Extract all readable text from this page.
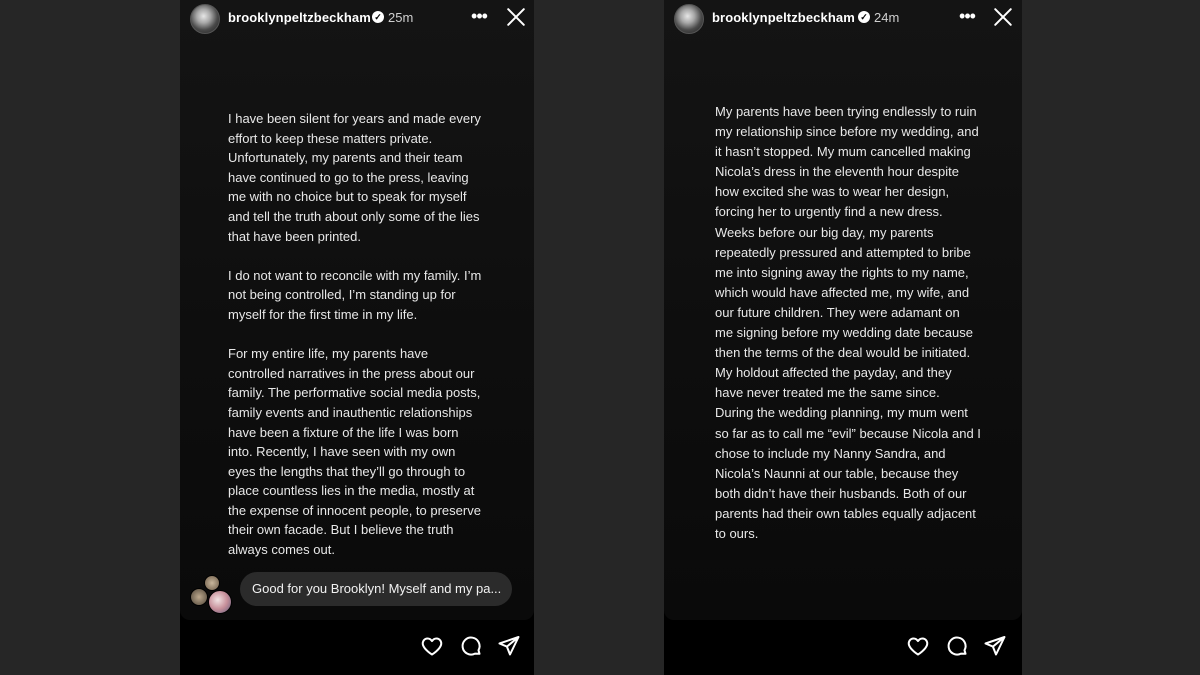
brooklynpeltzbeckham ✓ 25m	•••

I have been silent for years and made every effort to keep these matters private. Unfortunately, my parents and their team have continued to go to the press, leaving me with no choice but to speak for myself and tell the truth about only some of the lies that have been printed.

I do not want to reconcile with my family. I’m not being controlled, I’m standing up for myself for the first time in my life.

For my entire life, my parents have controlled narratives in the press about our family. The performative social media posts, family events and inauthentic relationships have been a fixture of the life I was born into. Recently, I have seen with my own eyes the lengths that they’ll go through to place countless lies in the media, mostly at the expense of innocent people, to preserve their own facade. But I believe the truth always comes out.

Good for you Brooklyn! Myself and my pa...
brooklynpeltzbeckham ✓ 24m	•••

My parents have been trying endlessly to ruin my relationship since before my wedding, and it hasn’t stopped. My mum cancelled making Nicola’s dress in the eleventh hour despite how excited she was to wear her design, forcing her to urgently find a new dress. Weeks before our big day, my parents repeatedly pressured and attempted to bribe me into signing away the rights to my name, which would have affected me, my wife, and our future children. They were adamant on me signing before my wedding date because then the terms of the deal would be initiated. My holdout affected the payday, and they have never treated me the same since. During the wedding planning, my mum went so far as to call me “evil” because Nicola and I chose to include my Nanny Sandra, and Nicola’s Naunni at our table, because they both didn’t have their husbands. Both of our parents had their own tables equally adjacent to ours.
